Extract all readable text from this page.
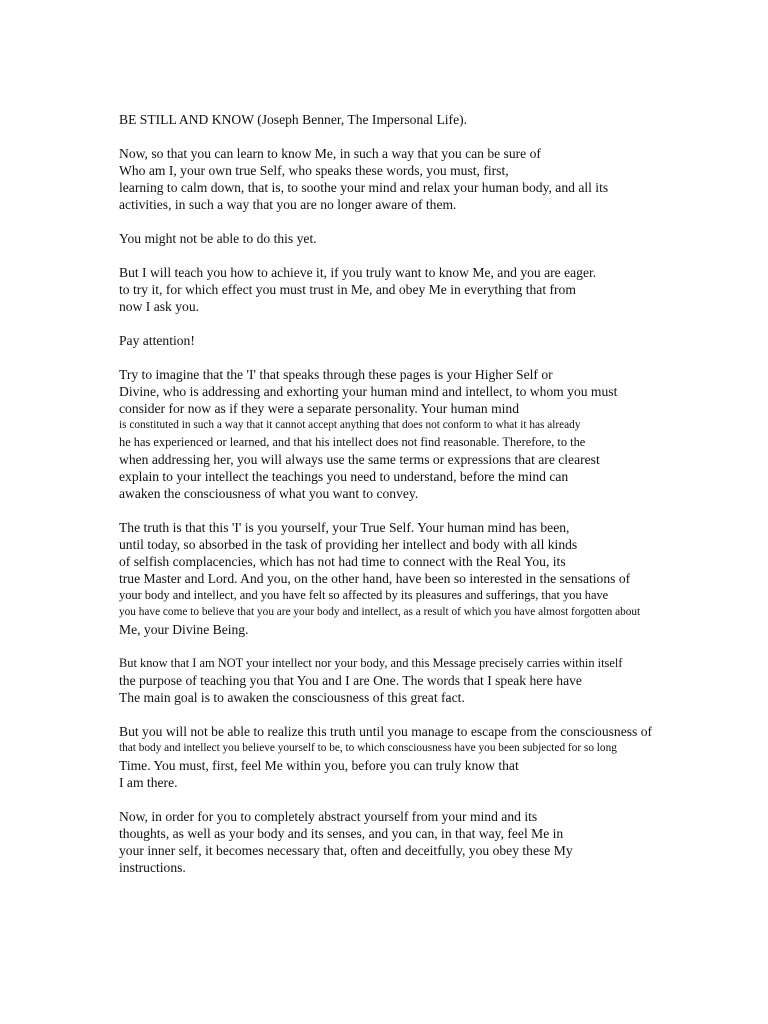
BE STILL AND KNOW (Joseph Benner, The Impersonal Life).
Now, so that you can learn to know Me, in such a way that you can be sure of
Who am I, your own true Self, who speaks these words, you must, first,
learning to calm down, that is, to soothe your mind and relax your human body, and all its
activities, in such a way that you are no longer aware of them.
You might not be able to do this yet.
But I will teach you how to achieve it, if you truly want to know Me, and you are eager.
to try it, for which effect you must trust in Me, and obey Me in everything that from
now I ask you.
Pay attention!
Try to imagine that the 'I' that speaks through these pages is your Higher Self or
Divine, who is addressing and exhorting your human mind and intellect, to whom you must
consider for now as if they were a separate personality. Your human mind
is constituted in such a way that it cannot accept anything that does not conform to what it has already
he has experienced or learned, and that his intellect does not find reasonable. Therefore, to the
when addressing her, you will always use the same terms or expressions that are clearest
explain to your intellect the teachings you need to understand, before the mind can
awaken the consciousness of what you want to convey.
The truth is that this 'I' is you yourself, your True Self. Your human mind has been,
until today, so absorbed in the task of providing her intellect and body with all kinds
of selfish complacencies, which has not had time to connect with the Real You, its
true Master and Lord. And you, on the other hand, have been so interested in the sensations of
your body and intellect, and you have felt so affected by its pleasures and sufferings, that you have
you have come to believe that you are your body and intellect, as a result of which you have almost forgotten about
Me, your Divine Being.
But know that I am NOT your intellect nor your body, and this Message precisely carries within itself
the purpose of teaching you that You and I are One. The words that I speak here have
The main goal is to awaken the consciousness of this great fact.
But you will not be able to realize this truth until you manage to escape from the consciousness of
that body and intellect you believe yourself to be, to which consciousness have you been subjected for so long
Time. You must, first, feel Me within you, before you can truly know that
I am there.
Now, in order for you to completely abstract yourself from your mind and its
thoughts, as well as your body and its senses, and you can, in that way, feel Me in
your inner self, it becomes necessary that, often and deceitfully, you obey these My
instructions.
